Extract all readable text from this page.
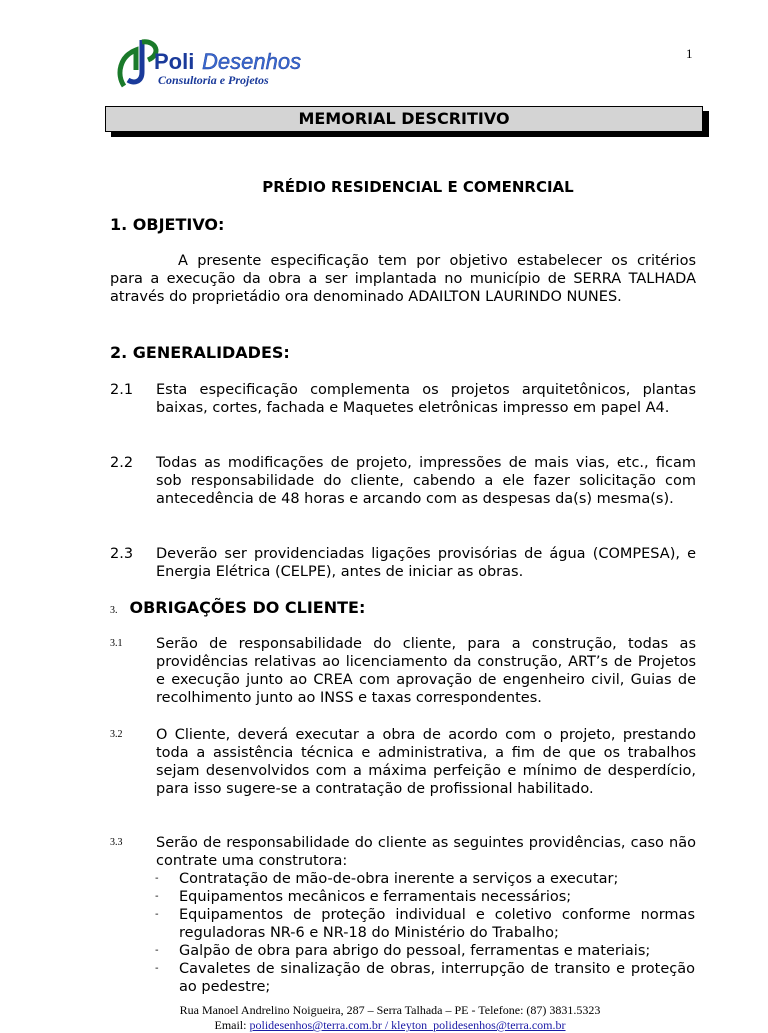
Poli Desenhos
Consultoria e Projetos
1
MEMORIAL DESCRITIVO
PRÉDIO RESIDENCIAL E COMENRCIAL
1. OBJETIVO:
A presente especificação tem por objetivo estabelecer os critérios para a execução da obra a ser implantada no município de SERRA TALHADA através do proprietádio ora denominado ADAILTON LAURINDO NUNES.
2. GENERALIDADES:
2.1 Esta especificação complementa os projetos arquitetônicos, plantas baixas, cortes, fachada e Maquetes eletrônicas impresso em papel A4.
2.2 Todas as modificações de projeto, impressões de mais vias, etc., ficam sob responsabilidade do cliente, cabendo a ele fazer solicitação com antecedência de 48 horas e arcando com as despesas da(s) mesma(s).
2.3 Deverão ser providenciadas ligações provisórias de água (COMPESA), e Energia Elétrica (CELPE), antes de iniciar as obras.
3. OBRIGAÇÕES DO CLIENTE:
3.1 Serão de responsabilidade do cliente, para a construção, todas as providências relativas ao licenciamento da construção, ART’s de Projetos e execução junto ao CREA com aprovação de engenheiro civil, Guias de recolhimento junto ao INSS e taxas correspondentes.
3.2 O Cliente, deverá executar a obra de acordo com o projeto, prestando toda a assistência técnica e administrativa, a fim de que os trabalhos sejam desenvolvidos com a máxima perfeição e mínimo de desperdício, para isso sugere-se a contratação de profissional habilitado.
3.3 Serão de responsabilidade do cliente as seguintes providências, caso não contrate uma construtora:
- Contratação de mão-de-obra inerente a serviços a executar;
- Equipamentos mecânicos e ferramentais necessários;
- Equipamentos de proteção individual e coletivo conforme normas reguladoras NR-6 e NR-18 do Ministério do Trabalho;
- Galpão de obra para abrigo do pessoal, ferramentas e materiais;
- Cavaletes de sinalização de obras, interrupção de transito e proteção ao pedestre;
Rua Manoel Andrelino Noigueira, 287 – Serra Talhada – PE - Telefone: (87) 3831.5323
Email: polidesenhos@terra.com.br / kleyton_polidesenhos@terra.com.br
